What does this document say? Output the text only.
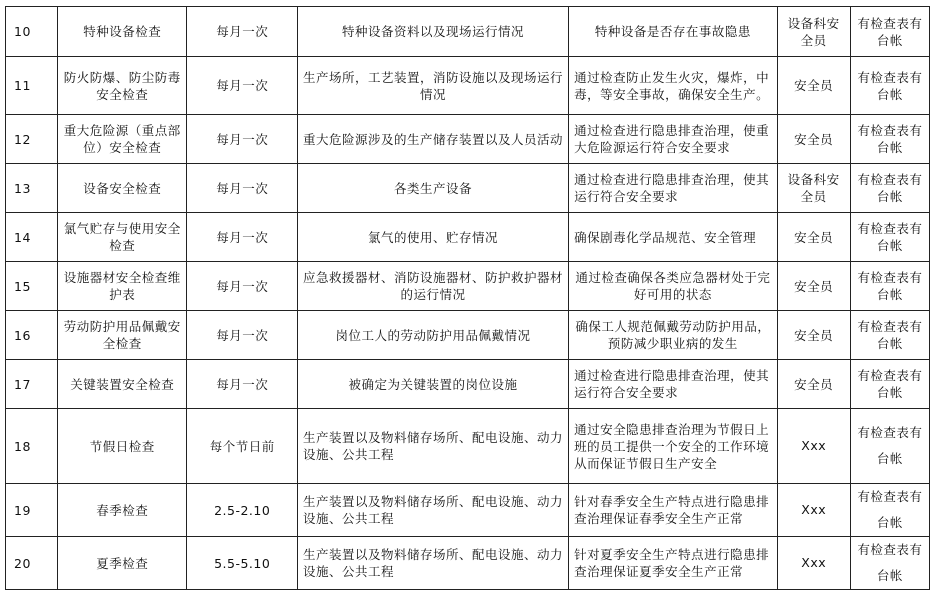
10	特种设备检查	每月一次	特种设备资料以及现场运行情况	特种设备是否存在事故隐患	设备科安全员	有检查表有台帐
11	防火防爆、防尘防毒安全检查	每月一次	生产场所，工艺装置，消防设施以及现场运行情况	通过检查防止发生火灾，爆炸，中毒，等安全事故，确保安全生产。	安全员	有检查表有台帐
12	重大危险源（重点部位）安全检查	每月一次	重大危险源涉及的生产储存装置以及人员活动	通过检查进行隐患排查治理，使重大危险源运行符合安全要求	安全员	有检查表有台帐
13	设备安全检查	每月一次	各类生产设备	通过检查进行隐患排查治理，使其运行符合安全要求	设备科安全员	有检查表有台帐
14	氯气贮存与使用安全检查	每月一次	氯气的使用、贮存情况	确保剧毒化学品规范、安全管理	安全员	有检查表有台帐
15	设施器材安全检查维护表	每月一次	应急救援器材、消防设施器材、防护救护器材的运行情况	通过检查确保各类应急器材处于完好可用的状态	安全员	有检查表有台帐
16	劳动防护用品佩戴安全检查	每月一次	岗位工人的劳动防护用品佩戴情况	确保工人规范佩戴劳动防护用品，预防减少职业病的发生	安全员	有检查表有台帐
17	关键装置安全检查	每月一次	被确定为关键装置的岗位设施	通过检查进行隐患排查治理，使其运行符合安全要求	安全员	有检查表有台帐
18	节假日检查	每个节日前	生产装置以及物料储存场所、配电设施、动力设施、公共工程	通过安全隐患排查治理为节假日上班的员工提供一个安全的工作环境从而保证节假日生产安全	Xxx	有检查表有台帐
19	春季检查	2.5-2.10	生产装置以及物料储存场所、配电设施、动力设施、公共工程	针对春季安全生产特点进行隐患排查治理保证春季安全生产正常	Xxx	有检查表有台帐
20	夏季检查	5.5-5.10	生产装置以及物料储存场所、配电设施、动力设施、公共工程	针对夏季安全生产特点进行隐患排查治理保证夏季安全生产正常	Xxx	有检查表有台帐
